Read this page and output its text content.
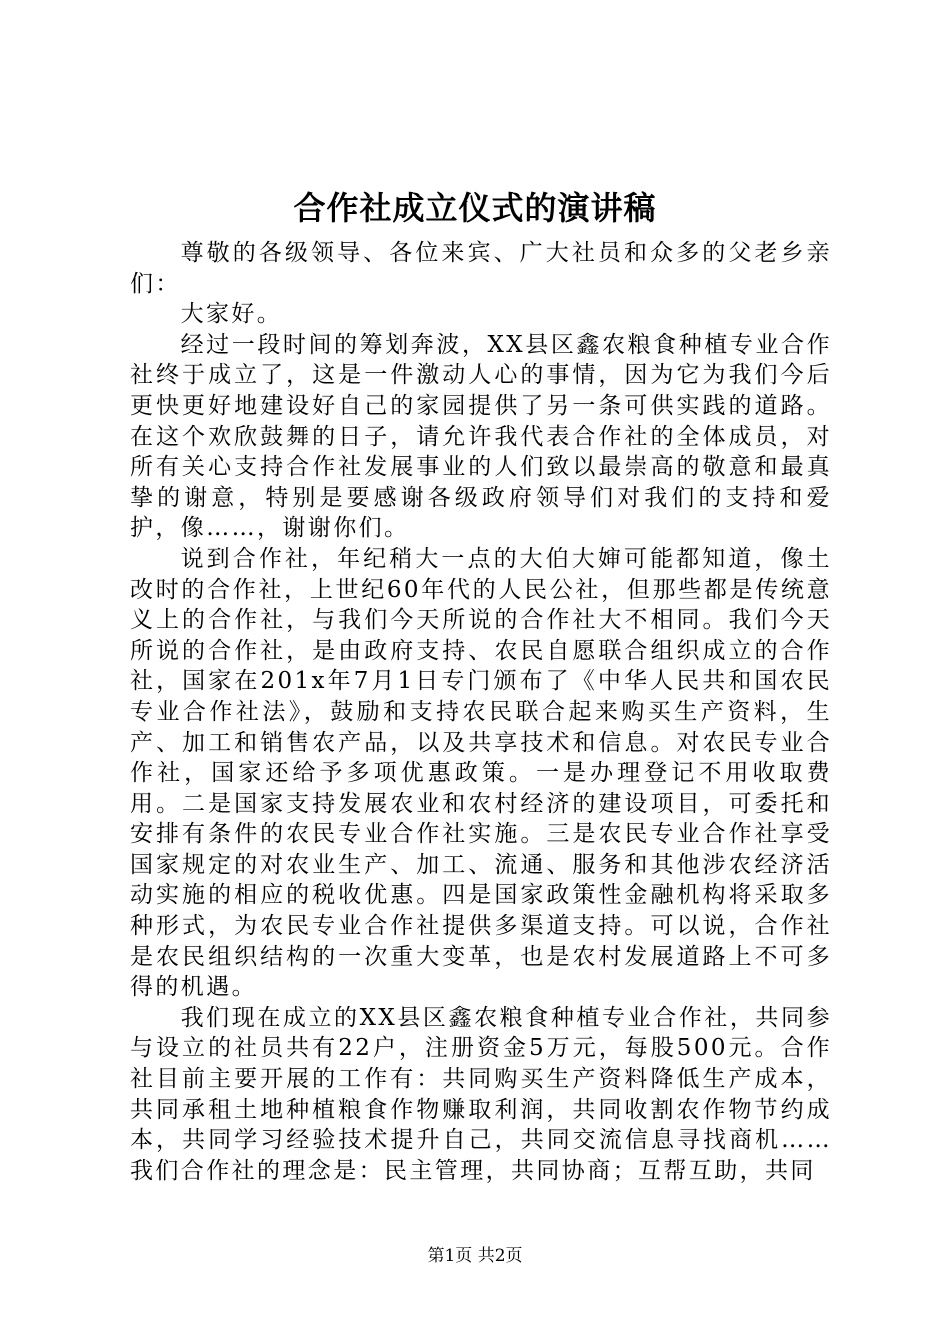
合作社成立仪式的演讲稿

尊敬的各级领导、各位来宾、广大社员和众多的父老乡亲们：

大家好。

经过一段时间的筹划奔波，XX县区鑫农粮食种植专业合作社终于成立了，这是一件激动人心的事情，因为它为我们今后更快更好地建设好自己的家园提供了另一条可供实践的道路。在这个欢欣鼓舞的日子，请允许我代表合作社的全体成员，对所有关心支持合作社发展事业的人们致以最崇高的敬意和最真挚的谢意，特别是要感谢各级政府领导们对我们的支持和爱护，像……，谢谢你们。

说到合作社，年纪稍大一点的大伯大婶可能都知道，像土改时的合作社，上世纪60年代的人民公社，但那些都是传统意义上的合作社，与我们今天所说的合作社大不相同。我们今天所说的合作社，是由政府支持、农民自愿联合组织成立的合作社，国家在201x年7月1日专门颁布了《中华人民共和国农民专业合作社法》，鼓励和支持农民联合起来购买生产资料，生产、加工和销售农产品，以及共享技术和信息。对农民专业合作社，国家还给予多项优惠政策。一是办理登记不用收取费用。二是国家支持发展农业和农村经济的建设项目，可委托和安排有条件的农民专业合作社实施。三是农民专业合作社享受国家规定的对农业生产、加工、流通、服务和其他涉农经济活动实施的相应的税收优惠。四是国家政策性金融机构将采取多种形式，为农民专业合作社提供多渠道支持。可以说，合作社是农民组织结构的一次重大变革，也是农村发展道路上不可多得的机遇。

我们现在成立的XX县区鑫农粮食种植专业合作社，共同参与设立的社员共有22户，注册资金5万元，每股500元。合作社目前主要开展的工作有：共同购买生产资料降低生产成本，共同承租土地种植粮食作物赚取利润，共同收割农作物节约成本，共同学习经验技术提升自己，共同交流信息寻找商机……我们合作社的理念是：民主管理，共同协商；互帮互助，共同

第1页 共2页
